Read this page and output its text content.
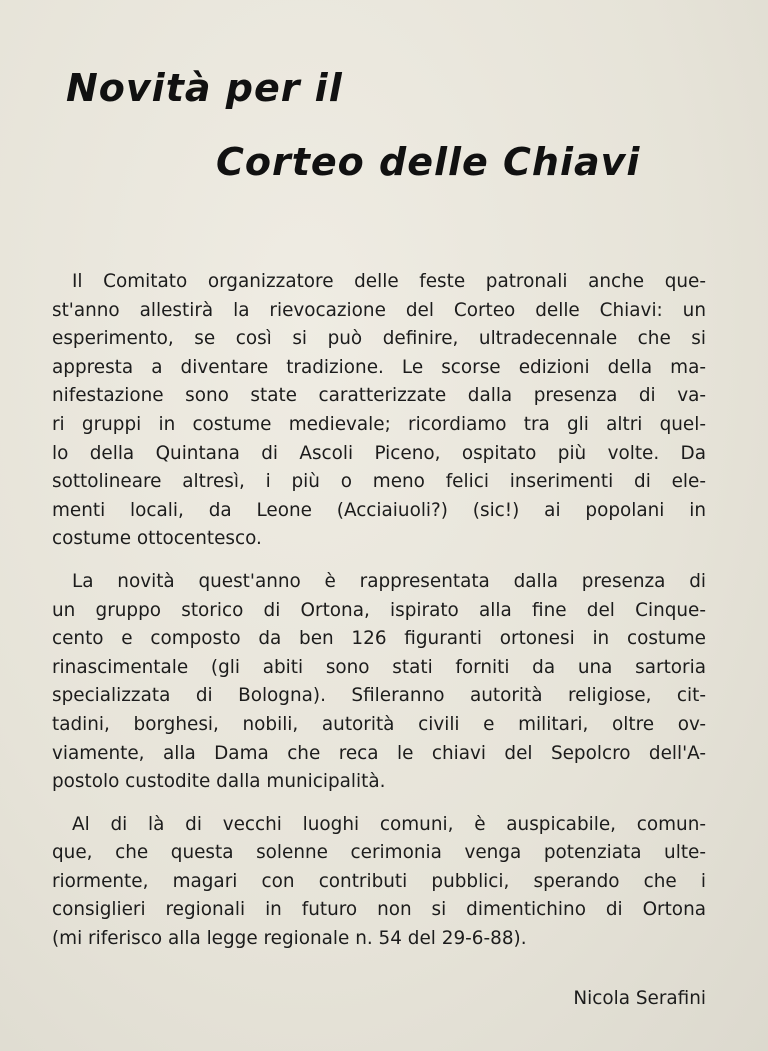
Novità per il
Corteo delle Chiavi

Il Comitato organizzatore delle feste patronali anche que-
st'anno allestirà la rievocazione del Corteo delle Chiavi: un
esperimento, se così si può definire, ultradecennale che si
appresta a diventare tradizione. Le scorse edizioni della ma-
nifestazione sono state caratterizzate dalla presenza di va-
ri gruppi in costume medievale; ricordiamo tra gli altri quel-
lo della Quintana di Ascoli Piceno, ospitato più volte. Da
sottolineare altresì, i più o meno felici inserimenti di ele-
menti locali, da Leone (Acciaiuoli?) (sic!) ai popolani in
costume ottocentesco.

La novità quest'anno è rappresentata dalla presenza di
un gruppo storico di Ortona, ispirato alla fine del Cinque-
cento e composto da ben 126 figuranti ortonesi in costume
rinascimentale (gli abiti sono stati forniti da una sartoria
specializzata di Bologna). Sfileranno autorità religiose, cit-
tadini, borghesi, nobili, autorità civili e militari, oltre ov-
viamente, alla Dama che reca le chiavi del Sepolcro dell'A-
postolo custodite dalla municipalità.

Al di là di vecchi luoghi comuni, è auspicabile, comun-
que, che questa solenne cerimonia venga potenziata ulte-
riormente, magari con contributi pubblici, sperando che i
consiglieri regionali in futuro non si dimentichino di Ortona
(mi riferisco alla legge regionale n. 54 del 29-6-88).

Nicola Serafini
